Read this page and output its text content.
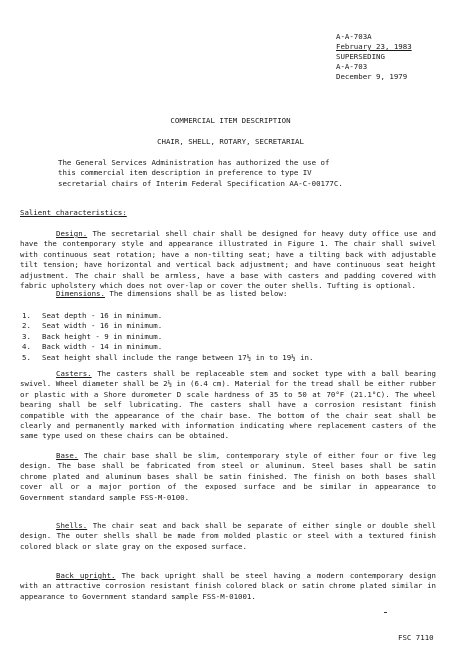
A-A-703A
February 23, 1983
SUPERSEDING
A-A-703
December 9, 1979
COMMERCIAL ITEM DESCRIPTION
CHAIR, SHELL, ROTARY, SECRETARIAL

The General Services Administration has authorized the use of this commercial item description in preference to type IV secretarial chairs of Interim Federal Specification AA-C-00177C.

Salient characteristics:

Design. The secretarial shell chair shall be designed for heavy duty office use and have the contemporary style and appearance illustrated in Figure 1. The chair shall swivel with continuous seat rotation; have a non-tilting seat; have a tilting back with adjustable tilt tension; have horizontal and vertical back adjustment; and have continuous seat height adjustment. The chair shall be armless, have a base with casters and padding covered with fabric upholstery which does not over-lap or cover the outer shells. Tufting is optional.

Dimensions. The dimensions shall be as listed below:

1.	Seat depth - 16 in minimum.
2.	Seat width - 16 in minimum.
3.	Back height - 9 in minimum.
4.	Back width - 14 in minimum.
5.	Seat height shall include the range between 17½ in to 19½ in.

Casters. The casters shall be replaceable stem and socket type with a ball bearing swivel. Wheel diameter shall be 2½ in (6.4 cm). Material for the tread shall be either rubber or plastic with a Shore durometer D scale hardness of 35 to 50 at 70°F (21.1°C). The wheel bearing shall be self lubricating. The casters shall have a corrosion resistant finish compatible with the appearance of the chair base. The bottom of the chair seat shall be clearly and permanently marked with information indicating where replacement casters of the same type used on these chairs can be obtained.

Base. The chair base shall be slim, contemporary style of either four or five leg design. The base shall be fabricated from steel or aluminum. Steel bases shall be satin chrome plated and aluminum bases shall be satin finished. The finish on both bases shall cover all or a major portion of the exposed surface and be similar in appearance to Government standard sample FSS-M-0100.

Shells. The chair seat and back shall be separate of either single or double shell design. The outer shells shall be made from molded plastic or steel with a textured finish colored black or slate gray on the exposed surface.

Back upright. The back upright shall be steel having a modern contemporary design with an attractive corrosion resistant finish colored black or satin chrome plated similar in appearance to Government standard sample FSS-M-01001.

FSC 7110
